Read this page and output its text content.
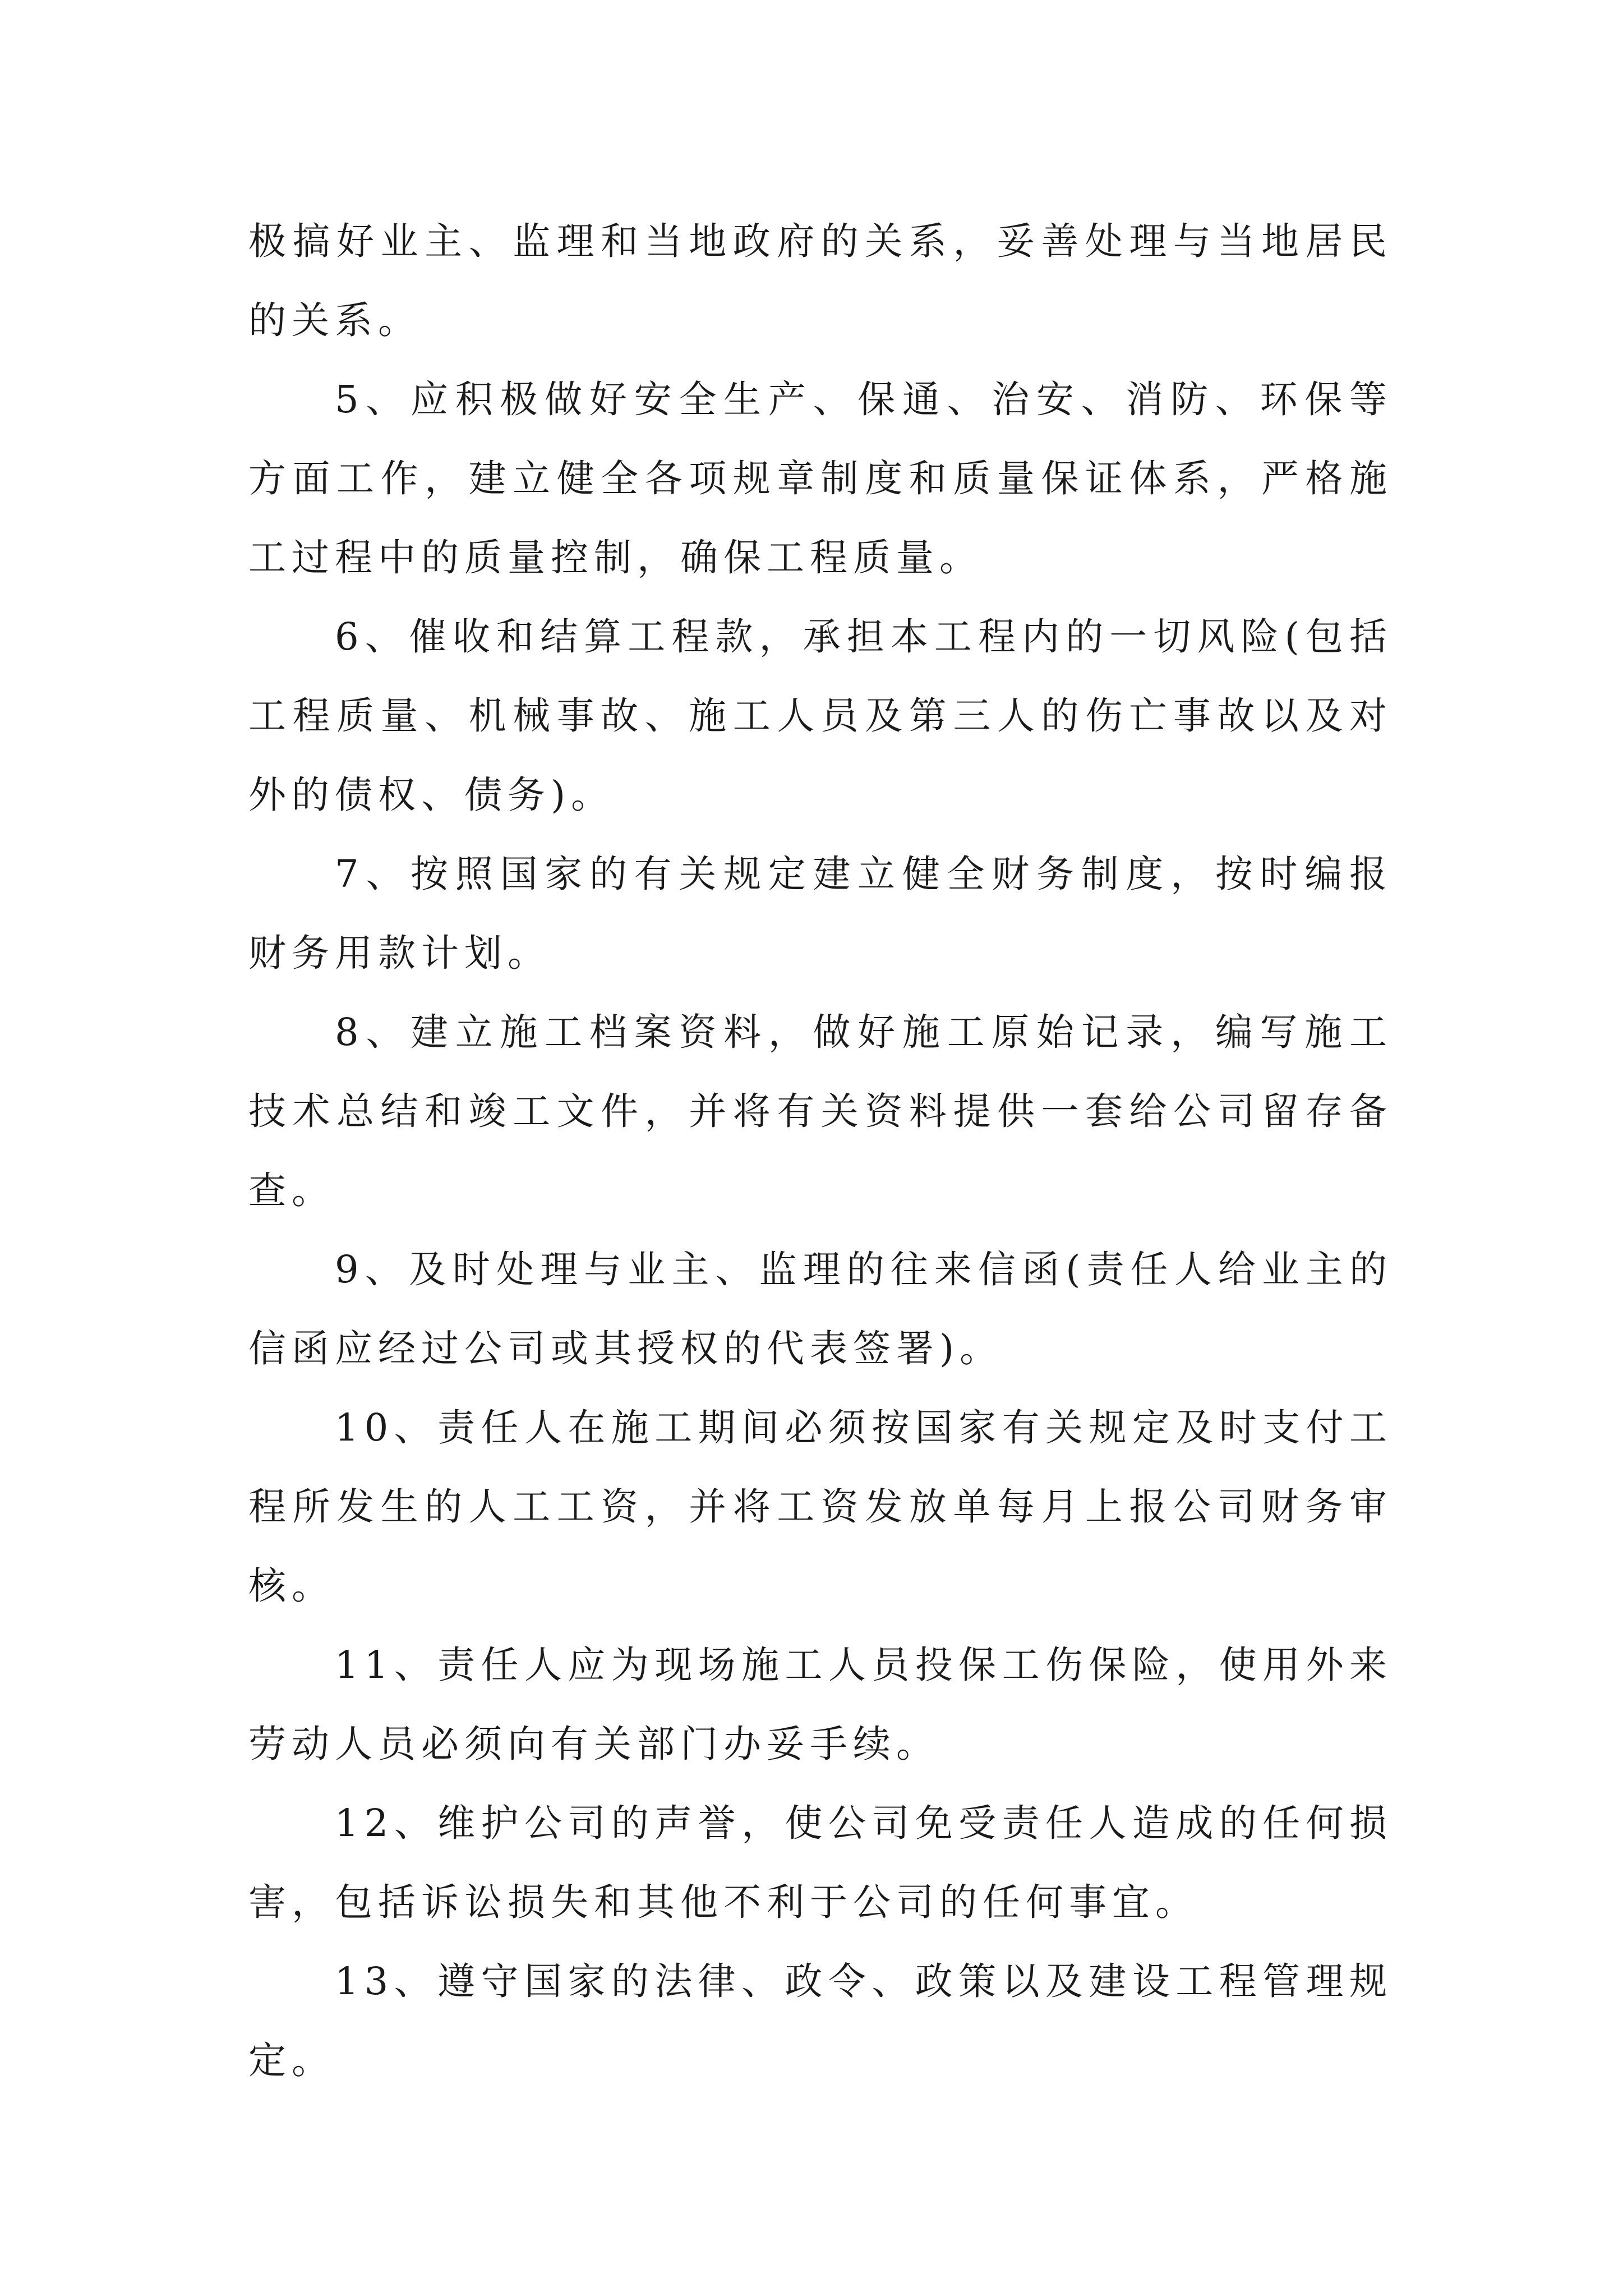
极搞好业主、监理和当地政府的关系，妥善处理与当地居民的关系。

5、应积极做好安全生产、保通、治安、消防、环保等方面工作，建立健全各项规章制度和质量保证体系，严格施工过程中的质量控制，确保工程质量。

6、催收和结算工程款，承担本工程内的一切风险(包括工程质量、机械事故、施工人员及第三人的伤亡事故以及对外的债权、债务)。

7、按照国家的有关规定建立健全财务制度，按时编报财务用款计划。

8、建立施工档案资料，做好施工原始记录，编写施工技术总结和竣工文件，并将有关资料提供一套给公司留存备查。

9、及时处理与业主、监理的往来信函(责任人给业主的信函应经过公司或其授权的代表签署)。

10、责任人在施工期间必须按国家有关规定及时支付工程所发生的人工工资，并将工资发放单每月上报公司财务审核。

11、责任人应为现场施工人员投保工伤保险，使用外来劳动人员必须向有关部门办妥手续。

12、维护公司的声誉，使公司免受责任人造成的任何损害，包括诉讼损失和其他不利于公司的任何事宜。

13、遵守国家的法律、政令、政策以及建设工程管理规定。
